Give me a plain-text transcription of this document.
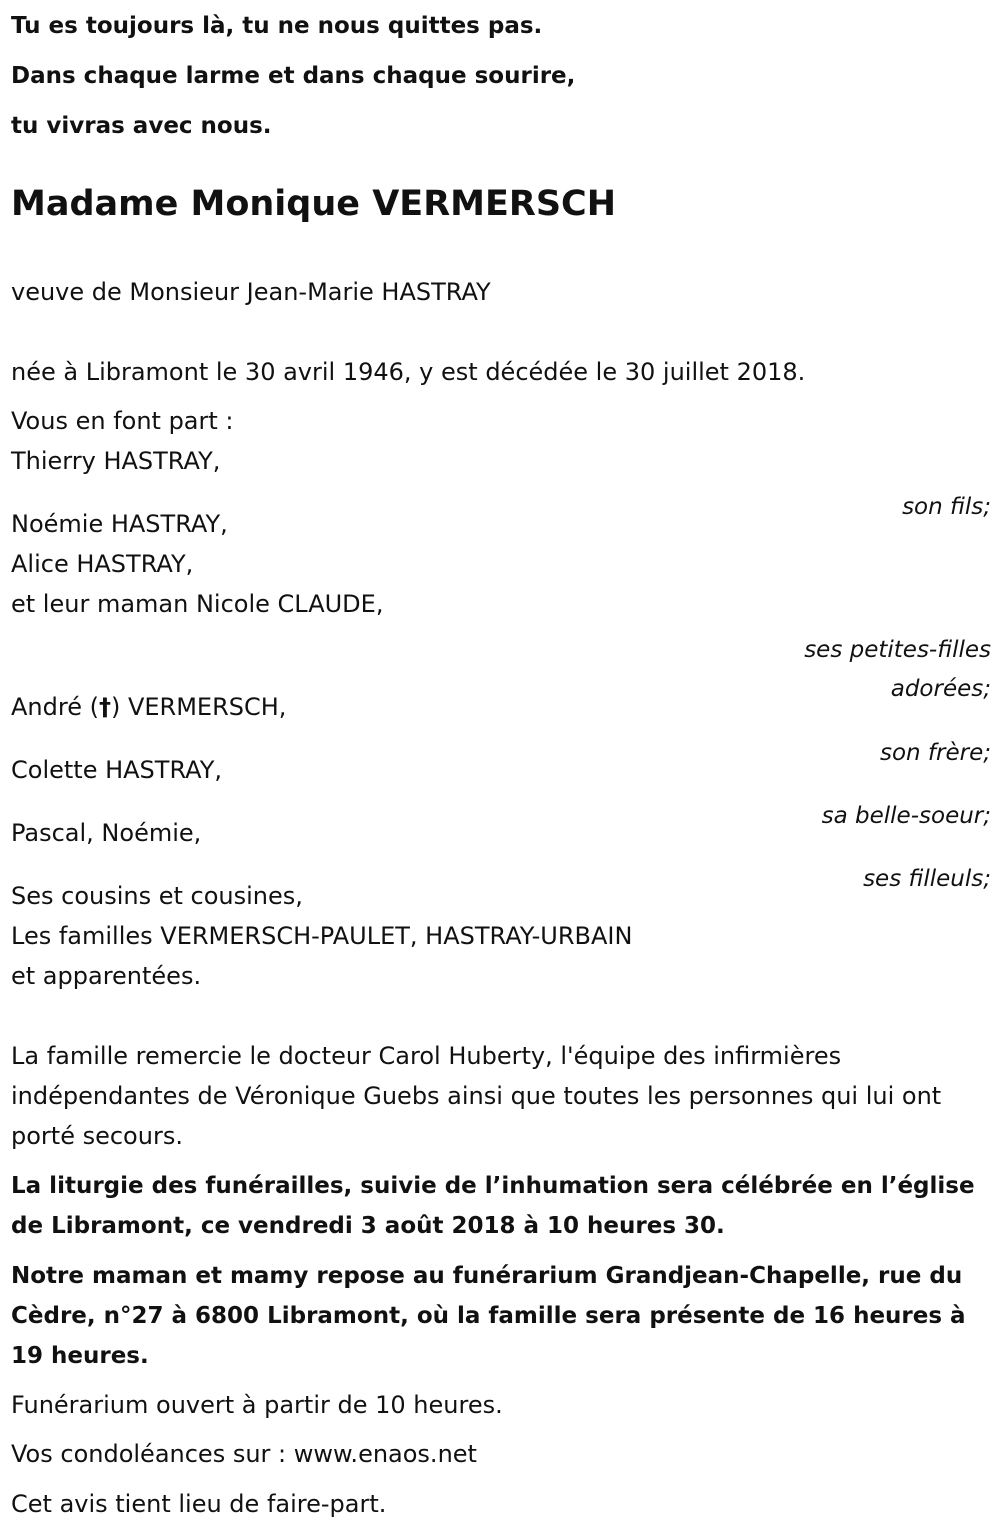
Tu es toujours là, tu ne nous quittes pas.

Dans chaque larme et dans chaque sourire,

tu vivras avec nous.

Madame Monique VERMERSCH

veuve de Monsieur Jean-Marie HASTRAY

née à Libramont le 30 avril 1946, y est décédée le 30 juillet 2018.

Vous en font part :

Thierry HASTRAY,

son fils;

Noémie HASTRAY,

Alice HASTRAY,

et leur maman Nicole CLAUDE,

ses petites-filles

adorées;

André (†) VERMERSCH,

son frère;

Colette HASTRAY,

sa belle-soeur;

Pascal, Noémie,

ses filleuls;

Ses cousins et cousines,

Les familles VERMERSCH-PAULET, HASTRAY-URBAIN

et apparentées.

La famille remercie le docteur Carol Huberty, l'équipe des infirmières indépendantes de Véronique Guebs ainsi que toutes les personnes qui lui ont porté secours.

La liturgie des funérailles, suivie de l’inhumation sera célébrée en l’église de Libramont, ce vendredi 3 août 2018 à 10 heures 30.

Notre maman et mamy repose au funérarium Grandjean-Chapelle, rue du Cèdre, n°27 à 6800 Libramont, où la famille sera présente de 16 heures à 19 heures.

Funérarium ouvert à partir de 10 heures.

Vos condoléances sur : www.enaos.net

Cet avis tient lieu de faire-part.
